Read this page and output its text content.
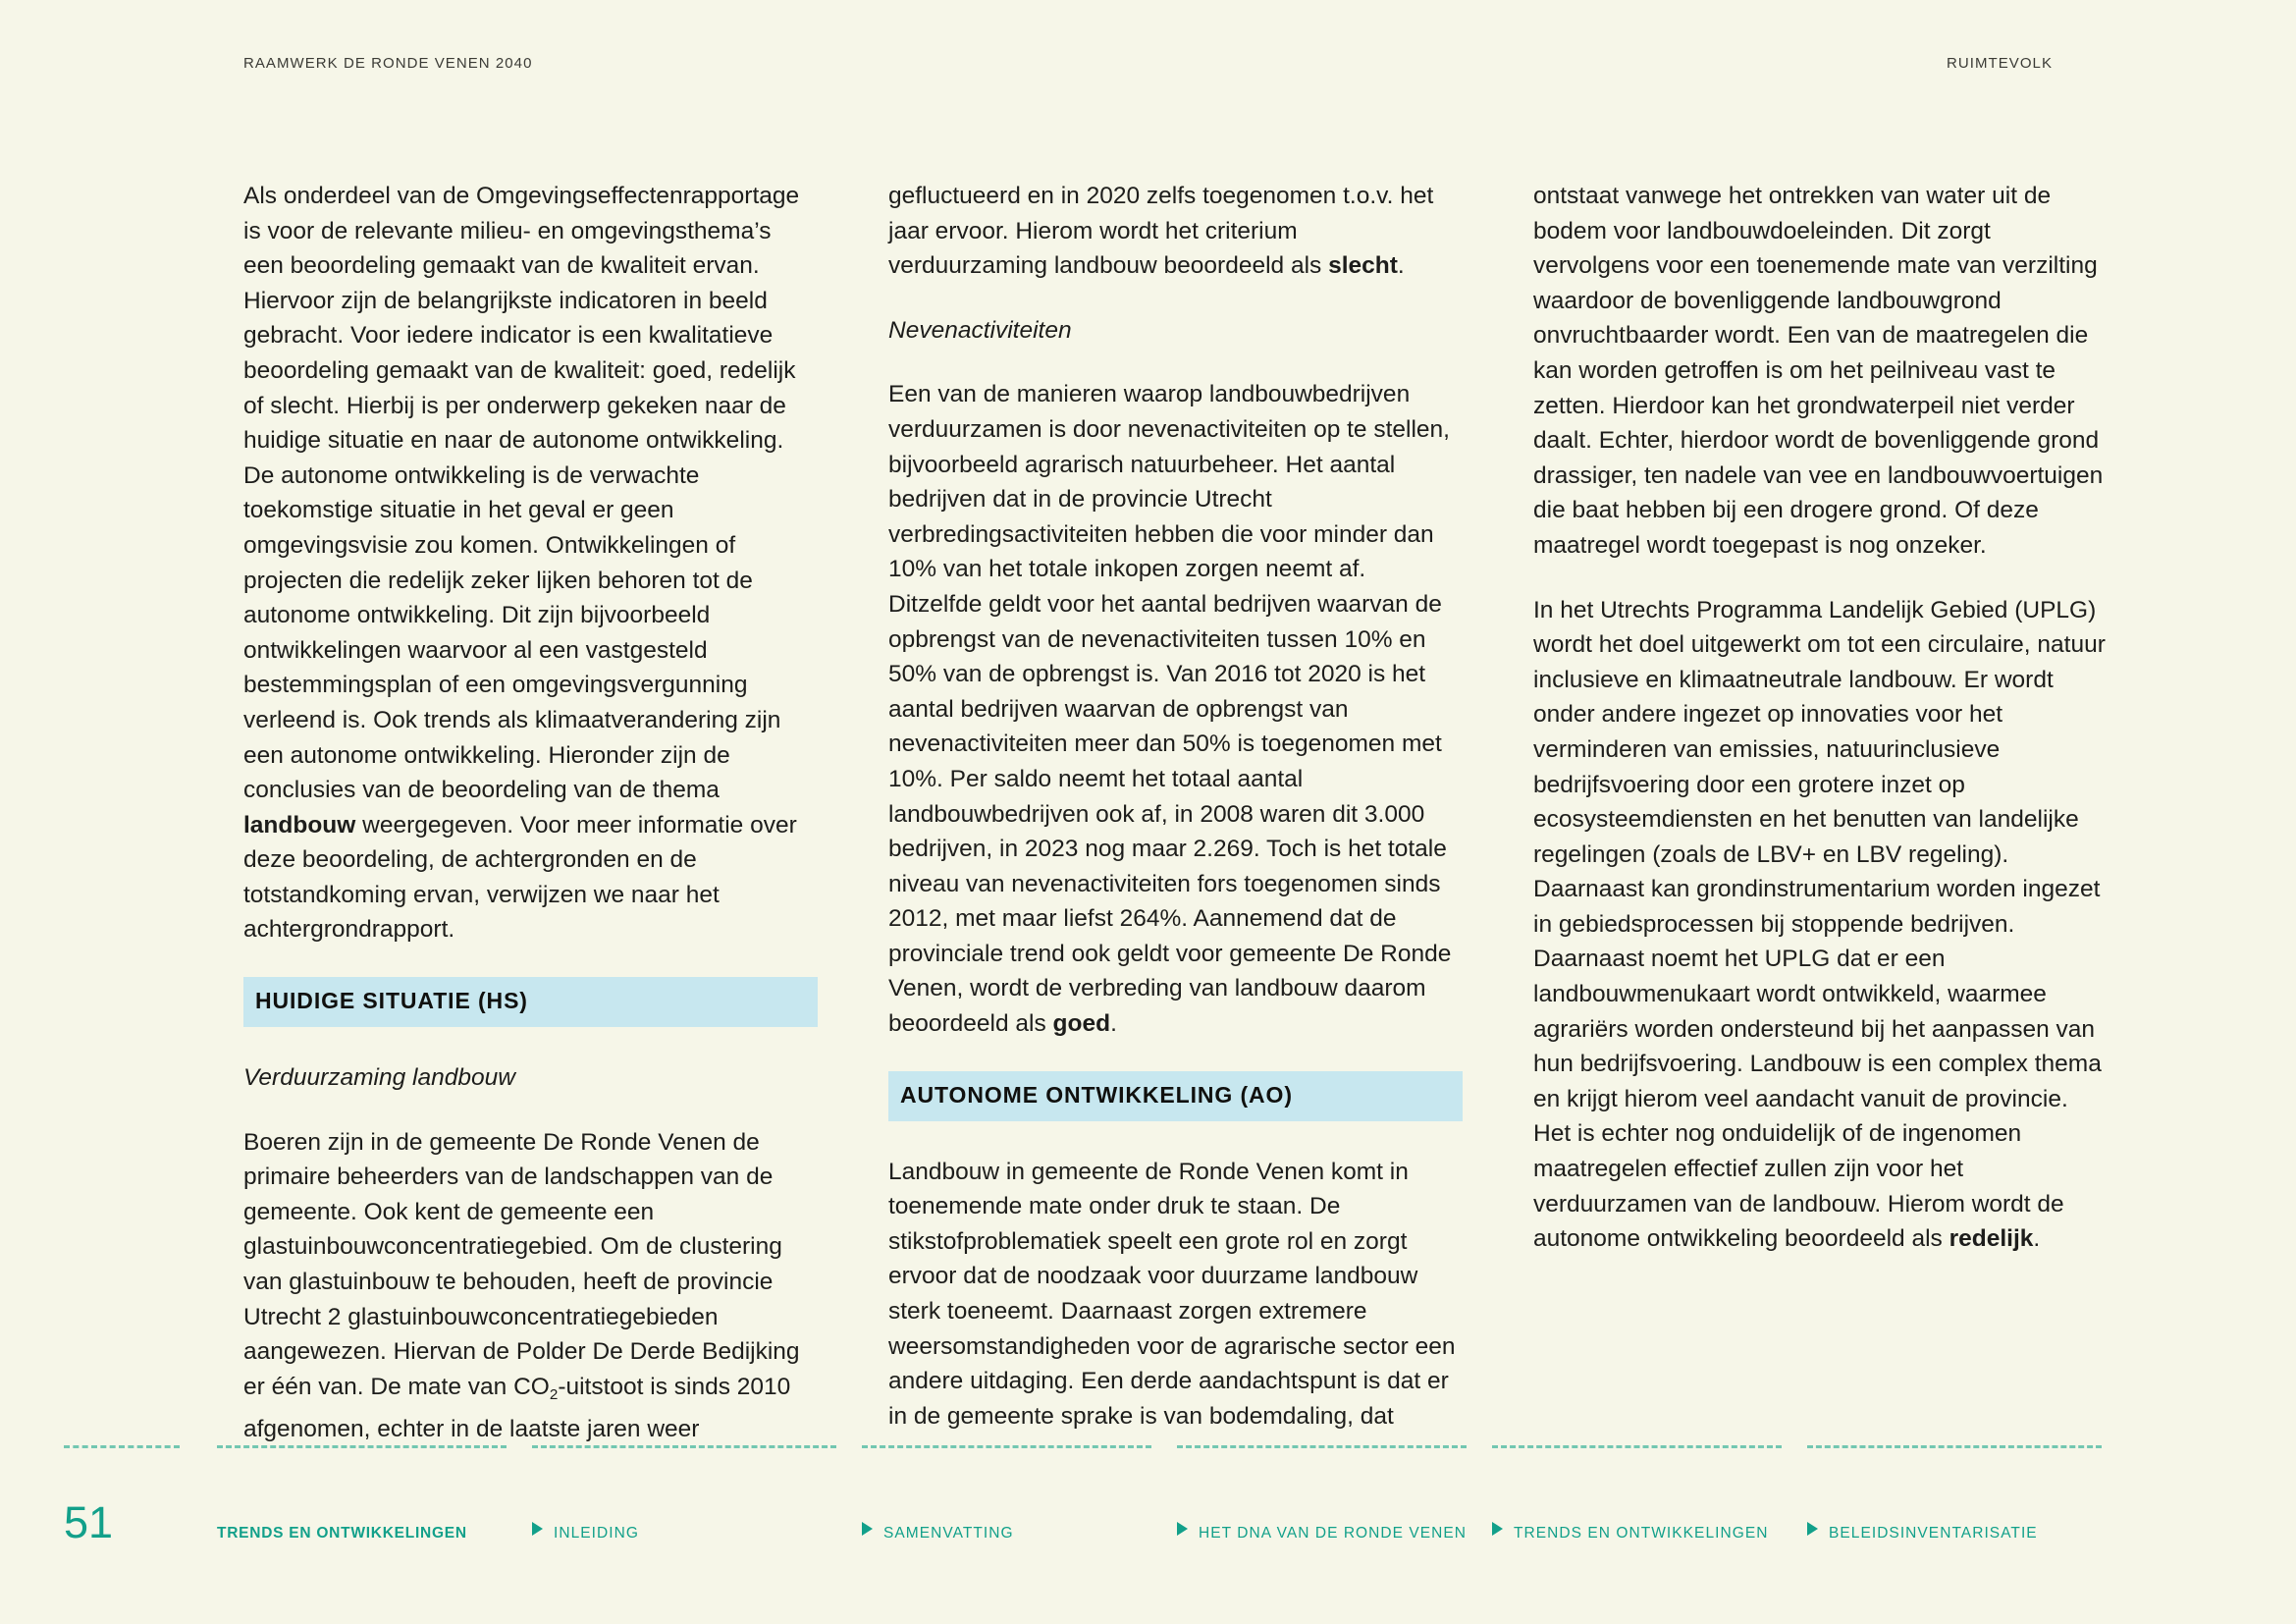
RAAMWERK DE RONDE VENEN 2040	RUIMTEVOLK

Als onderdeel van de Omgevingseffectenrapportage is voor de relevante milieu- en omgevingsthema’s een beoordeling gemaakt van de kwaliteit ervan. Hiervoor zijn de belangrijkste indicatoren in beeld gebracht. Voor iedere indicator is een kwalitatieve beoordeling gemaakt van de kwaliteit: goed, redelijk of slecht. Hierbij is per onderwerp gekeken naar de huidige situatie en naar de autonome ontwikkeling. De autonome ontwikkeling is de verwachte toekomstige situatie in het geval er geen omgevingsvisie zou komen. Ontwikkelingen of projecten die redelijk zeker lijken behoren tot de autonome ontwikkeling. Dit zijn bijvoorbeeld ontwikkelingen waarvoor al een vastgesteld bestemmingsplan of een omgevingsvergunning verleend is. Ook trends als klimaatverandering zijn een autonome ontwikkeling. Hieronder zijn de conclusies van de beoordeling van de thema landbouw weergegeven. Voor meer informatie over deze beoordeling, de achtergronden en de totstandkoming ervan, verwijzen we naar het achtergrondrapport.

HUIDIGE SITUATIE (HS)

Verduurzaming landbouw

Boeren zijn in de gemeente De Ronde Venen de primaire beheerders van de landschappen van de gemeente. Ook kent de gemeente een glastuinbouwconcentratiegebied. Om de clustering van glastuinbouw te behouden, heeft de provincie Utrecht 2 glastuinbouwconcentratiegebieden aangewezen. Hiervan de Polder De Derde Bedijking er één van. De mate van $CO_2$-uitstoot is sinds 2010 afgenomen, echter in de laatste jaren weer

gefluctueerd en in 2020 zelfs toegenomen t.o.v. het jaar ervoor. Hierom wordt het criterium verduurzaming landbouw beoordeeld als slecht.

Nevenactiviteiten

Een van de manieren waarop landbouwbedrijven verduurzamen is door nevenactiviteiten op te stellen, bijvoorbeeld agrarisch natuurbeheer. Het aantal bedrijven dat in de provincie Utrecht verbredingsactiviteiten hebben die voor minder dan 10% van het totale inkopen zorgen neemt af. Ditzelfde geldt voor het aantal bedrijven waarvan de opbrengst van de nevenactiviteiten tussen 10% en 50% van de opbrengst is. Van 2016 tot 2020 is het aantal bedrijven waarvan de opbrengst van nevenactiviteiten meer dan 50% is toegenomen met 10%. Per saldo neemt het totaal aantal landbouwbedrijven ook af, in 2008 waren dit 3.000 bedrijven, in 2023 nog maar 2.269. Toch is het totale niveau van nevenactiviteiten fors toegenomen sinds 2012, met maar liefst 264%. Aannemend dat de provinciale trend ook geldt voor gemeente De Ronde Venen, wordt de verbreding van landbouw daarom beoordeeld als goed.

AUTONOME ONTWIKKELING (AO)

Landbouw in gemeente de Ronde Venen komt in toenemende mate onder druk te staan. De stikstofproblematiek speelt een grote rol en zorgt ervoor dat de noodzaak voor duurzame landbouw sterk toeneemt. Daarnaast zorgen extremere weersomstandigheden voor de agrarische sector een andere uitdaging. Een derde aandachtspunt is dat er in de gemeente sprake is van bodemdaling, dat

ontstaat vanwege het ontrekken van water uit de bodem voor landbouwdoeleinden. Dit zorgt vervolgens voor een toenemende mate van verzilting waardoor de bovenliggende landbouwgrond onvruchtbaarder wordt. Een van de maatregelen die kan worden getroffen is om het peilniveau vast te zetten. Hierdoor kan het grondwaterpeil niet verder daalt. Echter, hierdoor wordt de bovenliggende grond drassiger, ten nadele van vee en landbouwvoertuigen die baat hebben bij een drogere grond. Of deze maatregel wordt toegepast is nog onzeker.

In het Utrechts Programma Landelijk Gebied (UPLG) wordt het doel uitgewerkt om tot een circulaire, natuur inclusieve en klimaatneutrale landbouw. Er wordt onder andere ingezet op innovaties voor het verminderen van emissies, natuurinclusieve bedrijfsvoering door een grotere inzet op ecosysteemdiensten en het benutten van landelijke regelingen (zoals de LBV+ en LBV regeling). Daarnaast kan grondinstrumentarium worden ingezet in gebiedsprocessen bij stoppende bedrijven. Daarnaast noemt het UPLG dat er een landbouwmenukaart wordt ontwikkeld, waarmee agrariërs worden ondersteund bij het aanpassen van hun bedrijfsvoering. Landbouw is een complex thema en krijgt hierom veel aandacht vanuit de provincie. Het is echter nog onduidelijk of de ingenomen maatregelen effectief zullen zijn voor het verduurzamen van de landbouw. Hierom wordt de autonome ontwikkeling beoordeeld als redelijk.

51	TRENDS EN ONTWIKKELINGEN	INLEIDING	SAMENVATTING	HET DNA VAN DE RONDE VENEN	TRENDS EN ONTWIKKELINGEN	BELEIDSINVENTARISATIE
